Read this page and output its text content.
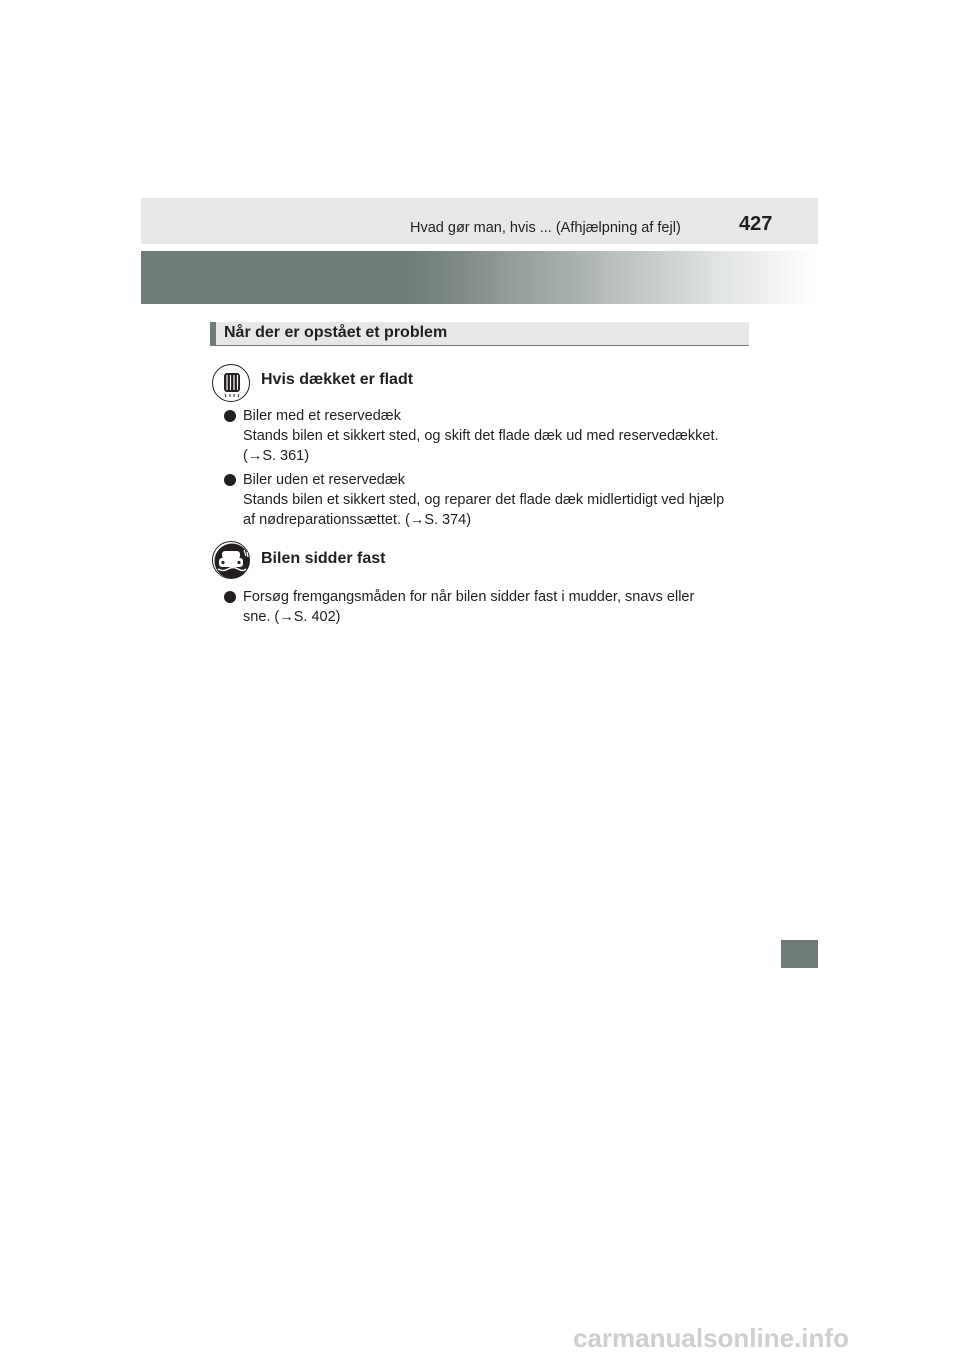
Hvad gør man, hvis ... (Afhjælpning af fejl)	427
Når der er opstået et problem
Hvis dækket er fladt

Biler med et reservedæk

Stands bilen et sikkert sted, og skift det flade dæk ud med reservedækket.

(→S. 361)

Biler uden et reservedæk

Stands bilen et sikkert sted, og reparer det flade dæk midlertidigt ved hjælp

af nødreparationssættet. (→S. 374)

Bilen sidder fast

Forsøg fremgangsmåden for når bilen sidder fast i mudder, snavs eller

sne. (→S. 402)

carmanualsonline.info
